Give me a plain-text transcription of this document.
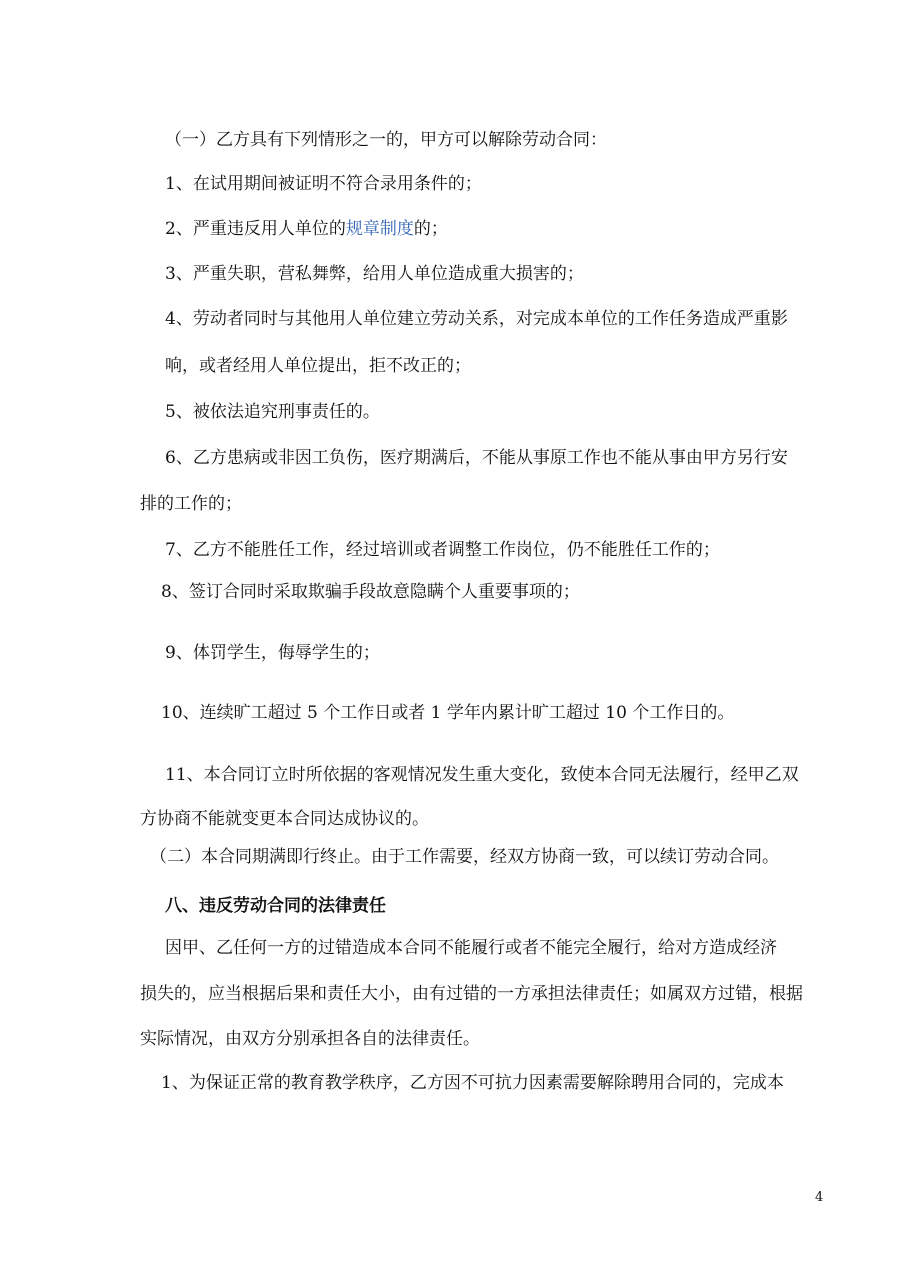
（一）乙方具有下列情形之一的，甲方可以解除劳动合同：

1、在试用期间被证明不符合录用条件的；

2、严重违反用人单位的规章制度的；

3、严重失职，营私舞弊，给用人单位造成重大损害的；

4、劳动者同时与其他用人单位建立劳动关系，对完成本单位的工作任务造成严重影

响，或者经用人单位提出，拒不改正的；

5、被依法追究刑事责任的。

6、乙方患病或非因工负伤，医疗期满后，不能从事原工作也不能从事由甲方另行安

排的工作的；

7、乙方不能胜任工作，经过培训或者调整工作岗位，仍不能胜任工作的；

8、签订合同时采取欺骗手段故意隐瞒个人重要事项的；

9、体罚学生，侮辱学生的；

10、连续旷工超过 5 个工作日或者 1 学年内累计旷工超过 10 个工作日的。

11、本合同订立时所依据的客观情况发生重大变化，致使本合同无法履行，经甲乙双

方协商不能就变更本合同达成协议的。

（二）本合同期满即行终止。由于工作需要，经双方协商一致，可以续订劳动合同。

八、违反劳动合同的法律责任

因甲、乙任何一方的过错造成本合同不能履行或者不能完全履行，给对方造成经济

损失的，应当根据后果和责任大小，由有过错的一方承担法律责任；如属双方过错，根据

实际情况，由双方分别承担各自的法律责任。

1、为保证正常的教育教学秩序，乙方因不可抗力因素需要解除聘用合同的，完成本

4
